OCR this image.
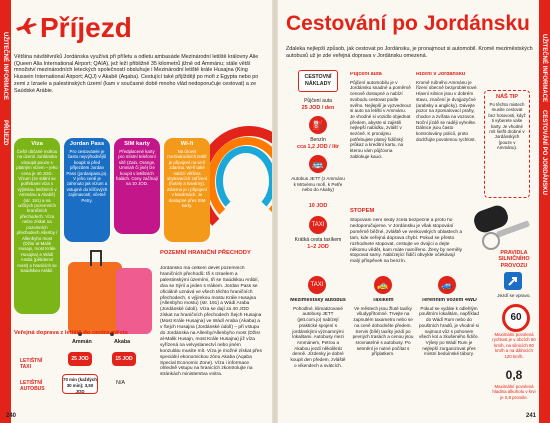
UŽITEČNÉ INFORMACE
PŘÍJEZD
Příjezd

Většina návštěvníků Jordánska využívá při příletu a odletu ambasáde Mezinárodní letiště královny Alie (Queen Alia International Airport; QAIA), jež leží přibližně 35 kilometrů jižně od Ammánu; stále větší množství mezinárodních leteckých společností obsluhuje i Mezinárodní letiště krále Husajna (King Hussein International Airport; AQJ) v Akabě (Aqaba). Cestující také přijíždějí po moři z Egypta nebo po zemi z Izraele a palestinských území (kam v současné době mnoho vlád nedoporučuje cestovat) a ze Saúdské Arábie.

Víza
Čeští občané mohou na území Jordánska vstoupit pouze s platným vízem – jeho cena je 40 JOD. Vízum (ze státní se potřebami víza s výjimkou letištních v Ammánu a Akabě) (str. 191) a na určitých pozemních hraničních přechodech. Víza nelze získat na pozemních přechodech Allenby / Allenbyho most (Džisr al-Malik Husajn, most Krále Husajna) a Wádí Araba (pětidenní most) a hranicích se Saúdskou Arábií.
Jordan Pass
Pro cestovatele je často nejvýhodnější koupit si před příjezdem Jordan Pass (jordanpass.jo). V jeho ceně je zahrnuto jak vízum a vstupné do klíčových zajímavostí, včetně Petry.
SIM karty
Předplacené karty pro místní telefonní sítě (Zain, Orange, Umniah či jiné) lze koupit v letištních halách. Ceny začínají na 10 JOD.
Wi-fi
Na úrovni mezinárodních letišť je připojení na wi-fi zdarma. Wi-fi také nabízí většina ubytovacích zařízení (hotely a kavárny). Zdarma je i připojení v kavárnách. Je dostupné přes SIM karty.
POZEMNÍ HRANIČNÍ PŘECHODY

Jordánsko má celkem devět pozemních hraničních přechodů: tři s Izraelem a palestinskými územími, tři se Saúdskou Arábií, dva se Sýrií a jeden s Irákem. Jordan Pass se oficiálně uznává ve všech těchto hraničních přechodech, s výjimkou mostu Krále Husajna (Allenbyho mostu) (str. 191) a Wádí Araba (Jordánské údolí). Víza se dají za 40 JOD získat na hraničních přechodech Šejch Husajna (Most Krále Husajna) ve Wádí Araba (Akaba) a v Šejch Husajna (Jordánské údolí) – při vstupu do Jordánska na Allenby/Allenbyho most (Džisr al-Malik Husajn, most Krále Husajna) již víza vyřízená na velvyslanectví nebo jiném konzulátu musíte mít. Víza je možné získat přes speciální ekonomickou zónu Akaba (Aqaba Special Economic Zone). Víza i informace ohledně vstupu na hranicích zkontrolujte na stránkách ministerstva vnitra.

Veřejná doprava z letiště do centra města
Ammán	Akaba
LETIŠTNÍ TAXI
25 JOD	15 JOD
LETIŠTNÍ AUTOBUS
70 min (každých 30 min); 3,50 JOD
N/A
240
UŽITEČNÉ INFORMACE
CESTOVÁNÍ PO JORDÁNSKU
Cestování po Jordánsku

Zdaleka nejlepší způsob, jak cestovat po Jordánsku, je pronajmout si automobil. Kromě meziměstských autobusů už je zde veřejná doprava v Jordánsku omezená.

CESTOVNÍ NÁKLADY
Půjčení auta
25 JOD / den
⛽
Benzín
cca 1,2 JOD / litr
🚌
Autobus JETT (z Ammánu k Mrtvému moři, k Petře nebo do Akaby)
10 JOD
TAXI
Krátká cesta taxíkem
1–2 JOD
Půjčení auta
Půjčení automobilu je v Jordánsku snadné a poměrně cenově dostupné a nabízí svobodu cestovat podle svého. Nejlepší je vyzvednout si auto na letišti v Ammánu. Je vhodné si vozidlo objednat předem, abyste si zajistili nejlepší nabídku, zvlášť v sezóně. K pronájmu potřebujete platný řidičský průkaz a kreditní kartu, na kterou vám půjčovna zablokuje kauci.
Řízení v Jordánsku
Kromě rušného Ammánu je řízení obecně bezproblémové. Hlavní silnice jsou v dobrém stavu, značení je dvojjazyčné (arabsky a anglicky). Dávejte pozor na zpomalovací prahy, chodce a zvířata na vozovce. Noční jízdě se raději vyhněte. Dálnice jsou často kontrolovány policií, proto dodržujte povolenou rychlost.
NÁŠ TIP
Po těchto mistech musíte cestovat bez hotovosti, když ti vyberete vaše karty. Je vhodné mít šetřit drobné v Jordánských (pouze v Ammánu).
STOPEM

Stopování není nikdy zcela bezpečné a proto ho nedoporučujeme. V Jordánsku je však stopování poměrně běžné, zvláště ve venkovských oblastech a tam, kde veřejná doprava chybí. Pokud se přesto rozhodnete stopovat, cestujte ve dvojici a dejte někomu vědět, kam máte namířeno. Ženy by neměly stopovat samy. Nabízející řidiči obvykle očekávají malý příspěvek na benzín.

PRAVIDLA SILNIČNÍHO PROVOZU
Jezdí se vpravo.
60
Maximální povolená rychlost je v obcích 60 km/h, na silnicích 80 km/h a na dálnicích 120 km/h.
0,8
Maximální povolená hladina alkoholu v krvi je 0,8 promile.
TAXI
Meziměstský autobus
Pohodlné, klimatizované autobusy JETT (jett.com.jo) nabízejí praktické spojení s jordánskými významnými lokalitami. Autobusy mezi Ammánem, Petrou a Akabou jezdí několikrát denně. Jízdenky je dobré koupit den předem, zvláště o víkendech a svátcích.
🚕
Taxíkem
Ve městech jsou žluté taxíky všudypřítomné. Trvejte na zapnutém taxametru nebo se na ceně dohodněte předem. Servis (bílé) taxíky jezdí po pevných trasách a cenou jsou srovnatelné s autobusy. Po setmění je nutné počítat s příplatkem.
🚙
Terénním vozem 4WD
Pokud se vydáte k odlehlým pouštním lokalitám, například do Wádí Rum nebo do pouštních hradů, je vhodné si najmout vůz s pohonem všech kol a zkušeného řidiče. Výlety po Wádí Rum je nejlepší zorganizovat přes místní beduínské tábory.
241
